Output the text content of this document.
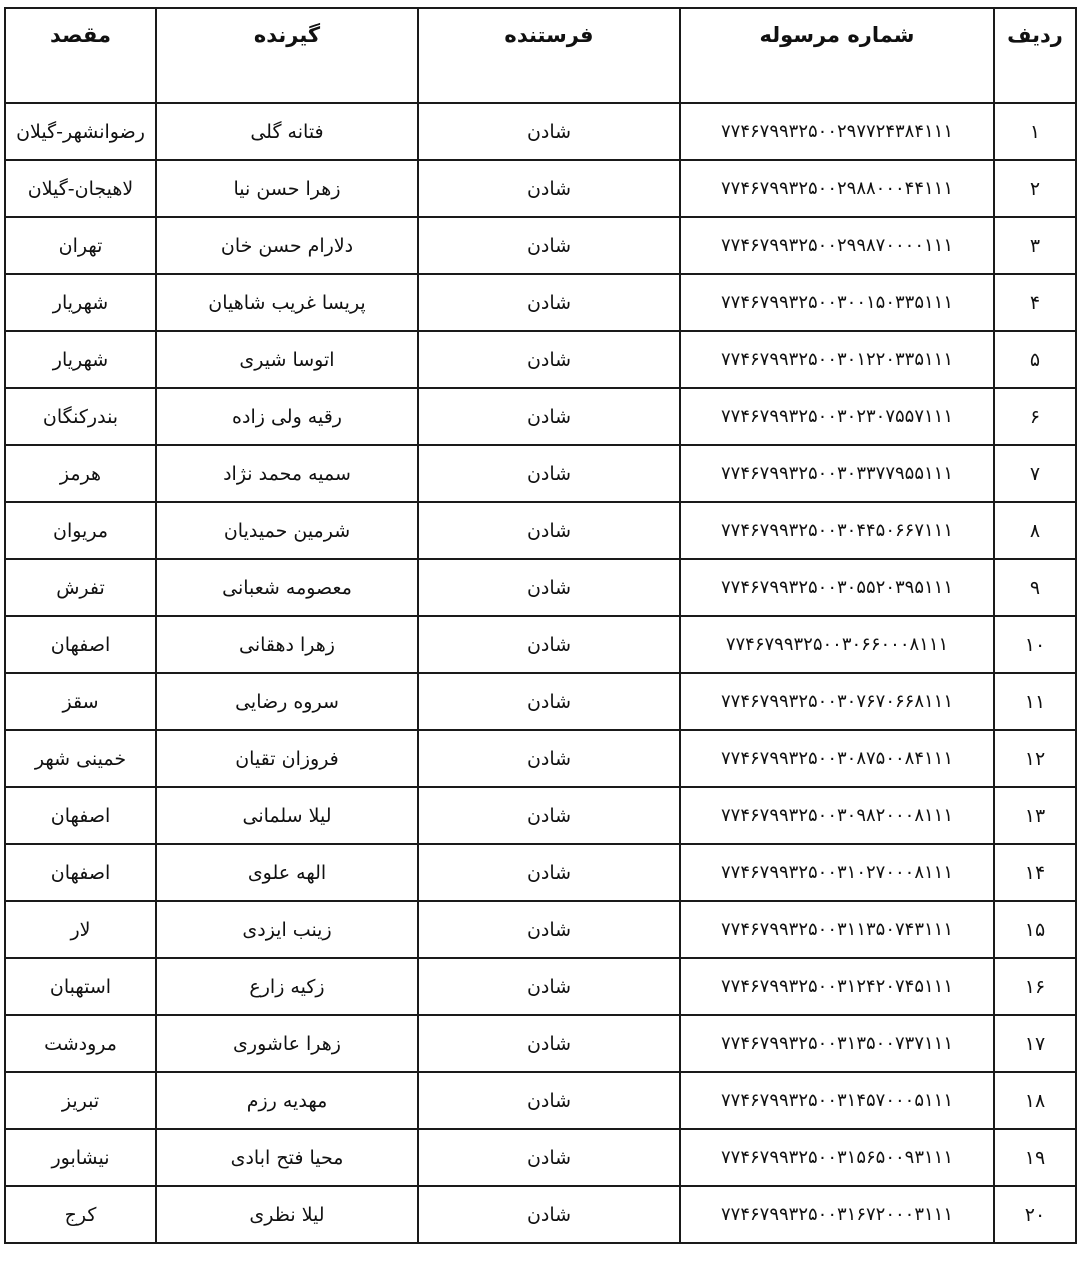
ردیف	شماره مرسوله	فرستنده	گیرنده	مقصد
۱	۷۷۴۶۷۹۹۳۲۵۰۰۲۹۷۷۲۴۳۸۴۱۱۱	شادن	فتانه گلی	رضوانشهر-گیلان
۲	۷۷۴۶۷۹۹۳۲۵۰۰۲۹۸۸۰۰۰۴۴۱۱۱	شادن	زهرا حسن نیا	لاهیجان-گیلان
۳	۷۷۴۶۷۹۹۳۲۵۰۰۲۹۹۸۷۰۰۰۰۱۱۱	شادن	دلارام حسن خان	تهران
۴	۷۷۴۶۷۹۹۳۲۵۰۰۳۰۰۱۵۰۳۳۵۱۱۱	شادن	پریسا غریب شاهیان	شهریار
۵	۷۷۴۶۷۹۹۳۲۵۰۰۳۰۱۲۲۰۳۳۵۱۱۱	شادن	اتوسا شیری	شهریار
۶	۷۷۴۶۷۹۹۳۲۵۰۰۳۰۲۳۰۷۵۵۷۱۱۱	شادن	رقیه ولی زاده	بندرکنگان
۷	۷۷۴۶۷۹۹۳۲۵۰۰۳۰۳۳۷۷۹۵۵۱۱۱	شادن	سمیه محمد نژاد	هرمز
۸	۷۷۴۶۷۹۹۳۲۵۰۰۳۰۴۴۵۰۶۶۷۱۱۱	شادن	شرمین حمیدیان	مریوان
۹	۷۷۴۶۷۹۹۳۲۵۰۰۳۰۵۵۲۰۳۹۵۱۱۱	شادن	معصومه شعبانی	تفرش
۱۰	۷۷۴۶۷۹۹۳۲۵۰۰۳۰۶۶۰۰۰۸۱۱۱	شادن	زهرا دهقانی	اصفهان
۱۱	۷۷۴۶۷۹۹۳۲۵۰۰۳۰۷۶۷۰۶۶۸۱۱۱	شادن	سروه رضایی	سقز
۱۲	۷۷۴۶۷۹۹۳۲۵۰۰۳۰۸۷۵۰۰۸۴۱۱۱	شادن	فروزان تقیان	خمینی شهر
۱۳	۷۷۴۶۷۹۹۳۲۵۰۰۳۰۹۸۲۰۰۰۸۱۱۱	شادن	لیلا سلمانی	اصفهان
۱۴	۷۷۴۶۷۹۹۳۲۵۰۰۳۱۰۲۷۰۰۰۸۱۱۱	شادن	الهه علوی	اصفهان
۱۵	۷۷۴۶۷۹۹۳۲۵۰۰۳۱۱۳۵۰۷۴۳۱۱۱	شادن	زینب ایزدی	لار
۱۶	۷۷۴۶۷۹۹۳۲۵۰۰۳۱۲۴۲۰۷۴۵۱۱۱	شادن	زکیه زارع	استهبان
۱۷	۷۷۴۶۷۹۹۳۲۵۰۰۳۱۳۵۰۰۷۳۷۱۱۱	شادن	زهرا عاشوری	مرودشت
۱۸	۷۷۴۶۷۹۹۳۲۵۰۰۳۱۴۵۷۰۰۰۵۱۱۱	شادن	مهدیه رزم	تبریز
۱۹	۷۷۴۶۷۹۹۳۲۵۰۰۳۱۵۶۵۰۰۹۳۱۱۱	شادن	محیا فتح ابادی	نیشابور
۲۰	۷۷۴۶۷۹۹۳۲۵۰۰۳۱۶۷۲۰۰۰۳۱۱۱	شادن	لیلا نظری	کرج
